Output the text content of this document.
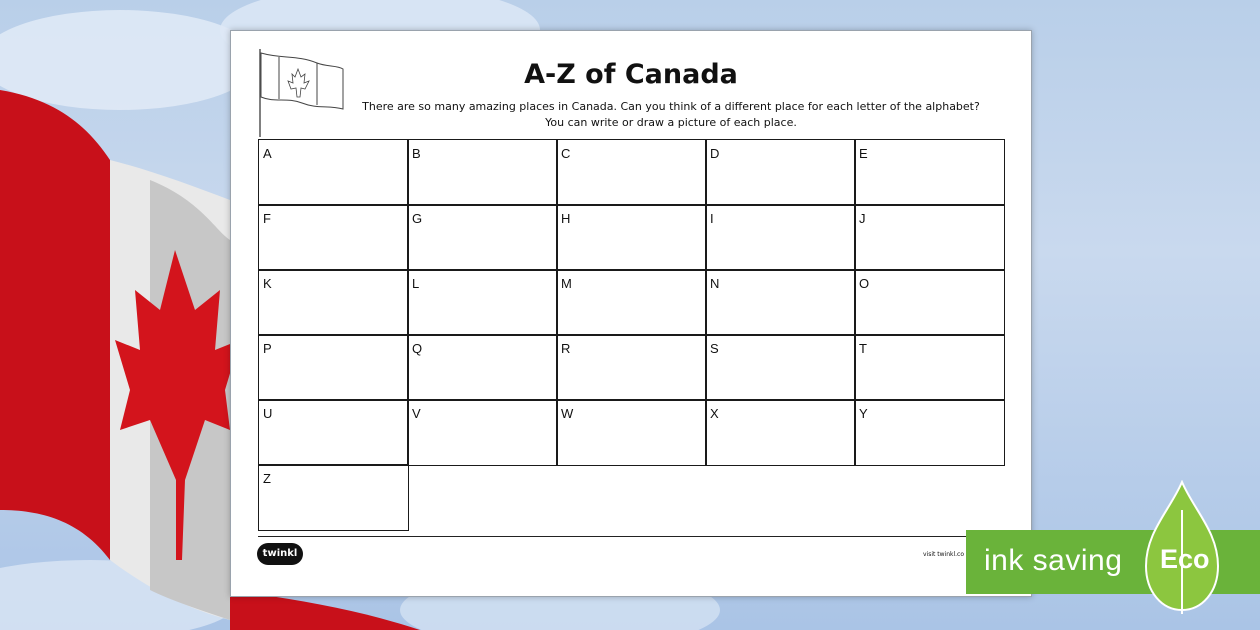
A-Z of Canada
There are so many amazing places in Canada. Can you think of a different place for each letter of the alphabet?
You can write or draw a picture of each place.
A	B	C	D	E
F	G	H	I	J
K	L	M	N	O
P	Q	R	S	T
U	V	W	X	Y
Z
twinkl	visit twinkl.co ink saving Eco
